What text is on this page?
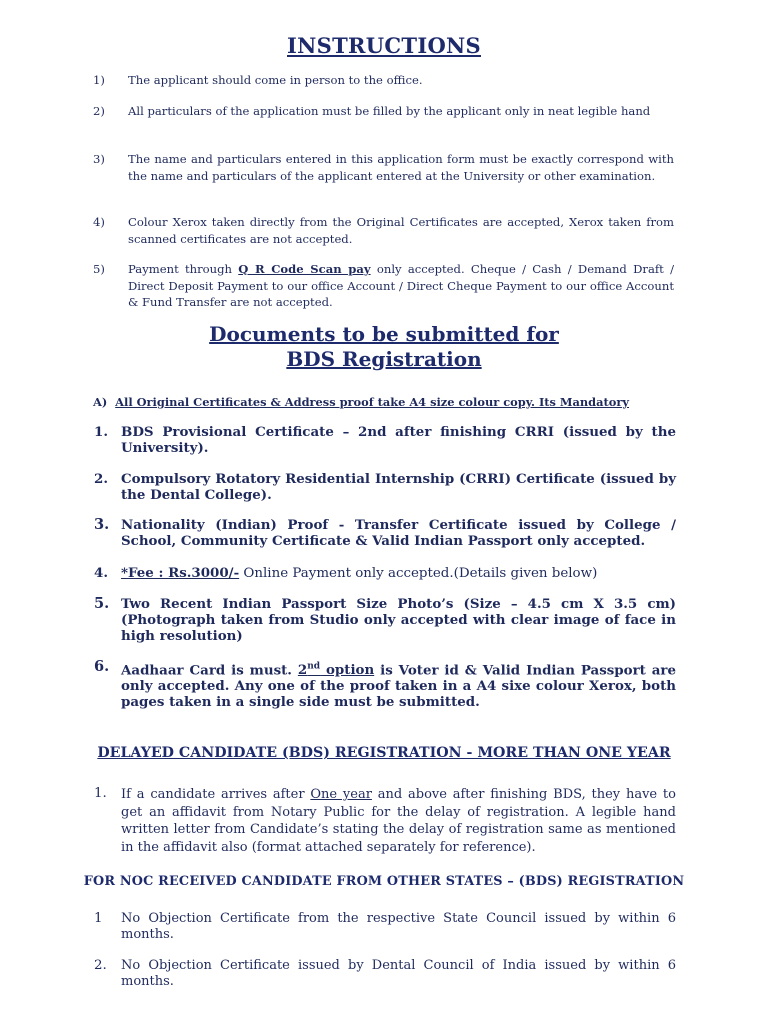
INSTRUCTIONS
1)	The applicant should come in person to the office.
2)	All particulars of the application must be filled by the applicant only in neat legible hand
3)	The name and particulars entered in this application form must be exactly correspond with the name and particulars of the applicant entered at the University or other examination.
4)	Colour Xerox taken directly from the Original Certificates are accepted, Xerox taken from scanned certificates are not accepted.
5)	Payment through Q R Code Scan pay only accepted. Cheque / Cash / Demand Draft / Direct Deposit Payment to our office Account / Direct Cheque Payment to our office Account & Fund Transfer are not accepted.
Documents to be submitted for
BDS Registration
A) All Original Certificates & Address proof take A4 size colour copy. Its Mandatory
1. BDS Provisional Certificate – 2nd after finishing CRRI (issued by the University).
2. Compulsory Rotatory Residential Internship (CRRI) Certificate (issued by the Dental College).
3. Nationality (Indian) Proof - Transfer Certificate issued by College / School, Community Certificate & Valid Indian Passport only accepted.
4. *Fee : Rs.3000/- Online Payment only accepted.(Details given below)
5. Two Recent Indian Passport Size Photo’s (Size – 4.5 cm X 3.5 cm) (Photograph taken from Studio only accepted with clear image of face in high resolution)
6. Aadhaar Card is must. 2nd option is Voter id & Valid Indian Passport are only accepted. Any one of the proof taken in a A4 sixe colour Xerox, both pages taken in a single side must be submitted.
DELAYED CANDIDATE (BDS) REGISTRATION - MORE THAN ONE YEAR
1.	If a candidate arrives after One year and above after finishing BDS, they have to get an affidavit from Notary Public for the delay of registration. A legible hand written letter from Candidate’s stating the delay of registration same as mentioned in the affidavit also (format attached separately for reference).
FOR NOC RECEIVED CANDIDATE FROM OTHER STATES – (BDS) REGISTRATION
1	No Objection Certificate from the respective State Council issued by within 6 months.
2.	No Objection Certificate issued by Dental Council of India issued by within 6 months.
